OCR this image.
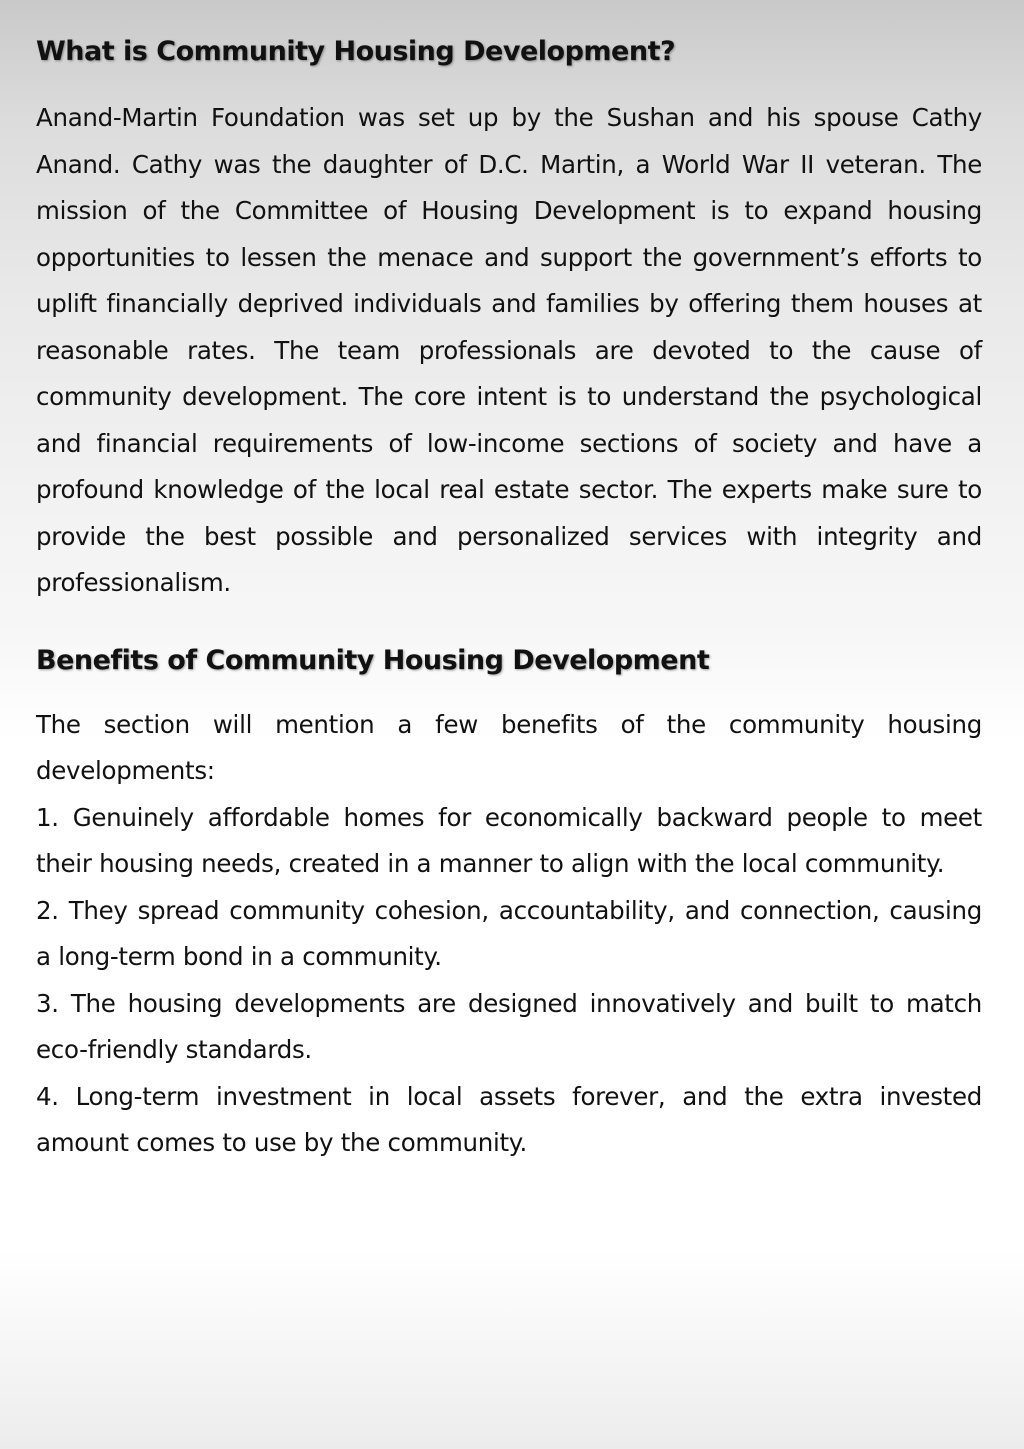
What is Community Housing Development?

Anand-Martin Foundation was set up by the Sushan and his spouse Cathy Anand. Cathy was the daughter of D.C. Martin, a World War II veteran. The mission of the Committee of Housing Development is to expand housing opportunities to lessen the menace and support the government’s efforts to uplift financially deprived individuals and families by offering them houses at reasonable rates. The team professionals are devoted to the cause of community development. The core intent is to understand the psychological and financial requirements of low-income sections of society and have a profound knowledge of the local real estate sector. The experts make sure to provide the best possible and personalized services with integrity and professionalism.

Benefits of Community Housing Development

The section will mention a few benefits of the community housing developments:

1. Genuinely affordable homes for economically backward people to meet their housing needs, created in a manner to align with the local community.

2. They spread community cohesion, accountability, and connection, causing a long-term bond in a community.

3. The housing developments are designed innovatively and built to match eco-friendly standards.

4. Long-term investment in local assets forever, and the extra invested amount comes to use by the community.
